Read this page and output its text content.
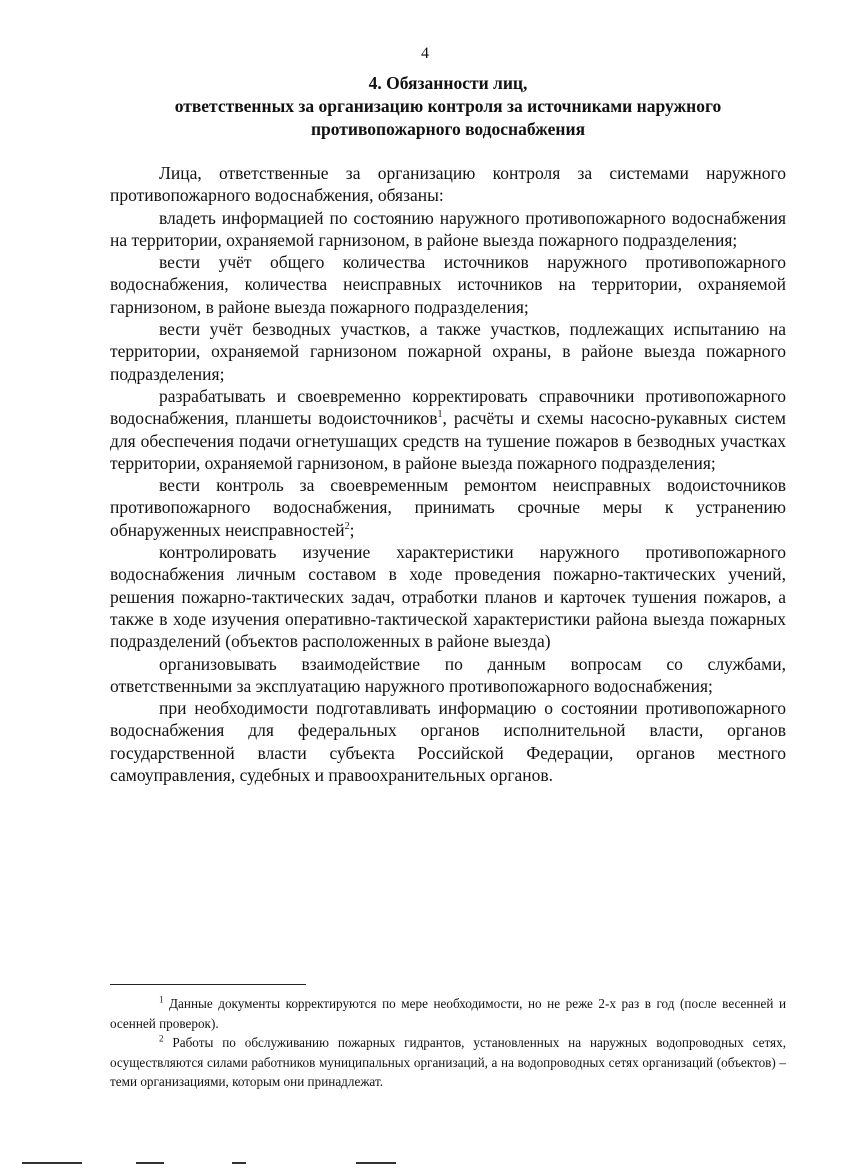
4
4. Обязанности лиц,
ответственных за организацию контроля за источниками наружного
противопожарного водоснабжения

Лица, ответственные за организацию контроля за системами наружного противопожарного водоснабжения, обязаны:

владеть информацией по состоянию наружного противопожарного водоснабжения на территории, охраняемой гарнизоном, в районе выезда пожарного подразделения;

вести учёт общего количества источников наружного противопожарного водоснабжения, количества неисправных источников на территории, охраняемой гарнизоном, в районе выезда пожарного подразделения;

вести учёт безводных участков, а также участков, подлежащих испытанию на территории, охраняемой гарнизоном пожарной охраны, в районе выезда пожарного подразделения;

разрабатывать и своевременно корректировать справочники противопожарного водоснабжения, планшеты водоисточников$^1$, расчёты и схемы насосно-рукавных систем для обеспечения подачи огнетушащих средств на тушение пожаров в безводных участках территории, охраняемой гарнизоном, в районе выезда пожарного подразделения;

вести контроль за своевременным ремонтом неисправных водоисточников противопожарного водоснабжения, принимать срочные меры к устранению обнаруженных неисправностей$^2$;

контролировать изучение характеристики наружного противопожарного водоснабжения личным составом в ходе проведения пожарно-тактических учений, решения пожарно-тактических задач, отработки планов и карточек тушения пожаров, а также в ходе изучения оперативно-тактической характеристики района выезда пожарных подразделений (объектов расположенных в районе выезда)

организовывать взаимодействие по данным вопросам со службами, ответственными за эксплуатацию наружного противопожарного водоснабжения;

при необходимости подготавливать информацию о состоянии противопожарного водоснабжения для федеральных органов исполнительной власти, органов государственной власти субъекта Российской Федерации, органов местного самоуправления, судебных и правоохранительных органов.

$^1$ Данные документы корректируются по мере необходимости, но не реже 2-х раз в год (после весенней и осенней проверок).

$^2$ Работы по обслуживанию пожарных гидрантов, установленных на наружных водопроводных сетях, осуществляются силами работников муниципальных организаций, а на водопроводных сетях организаций (объектов) – теми организациями, которым они принадлежат.
